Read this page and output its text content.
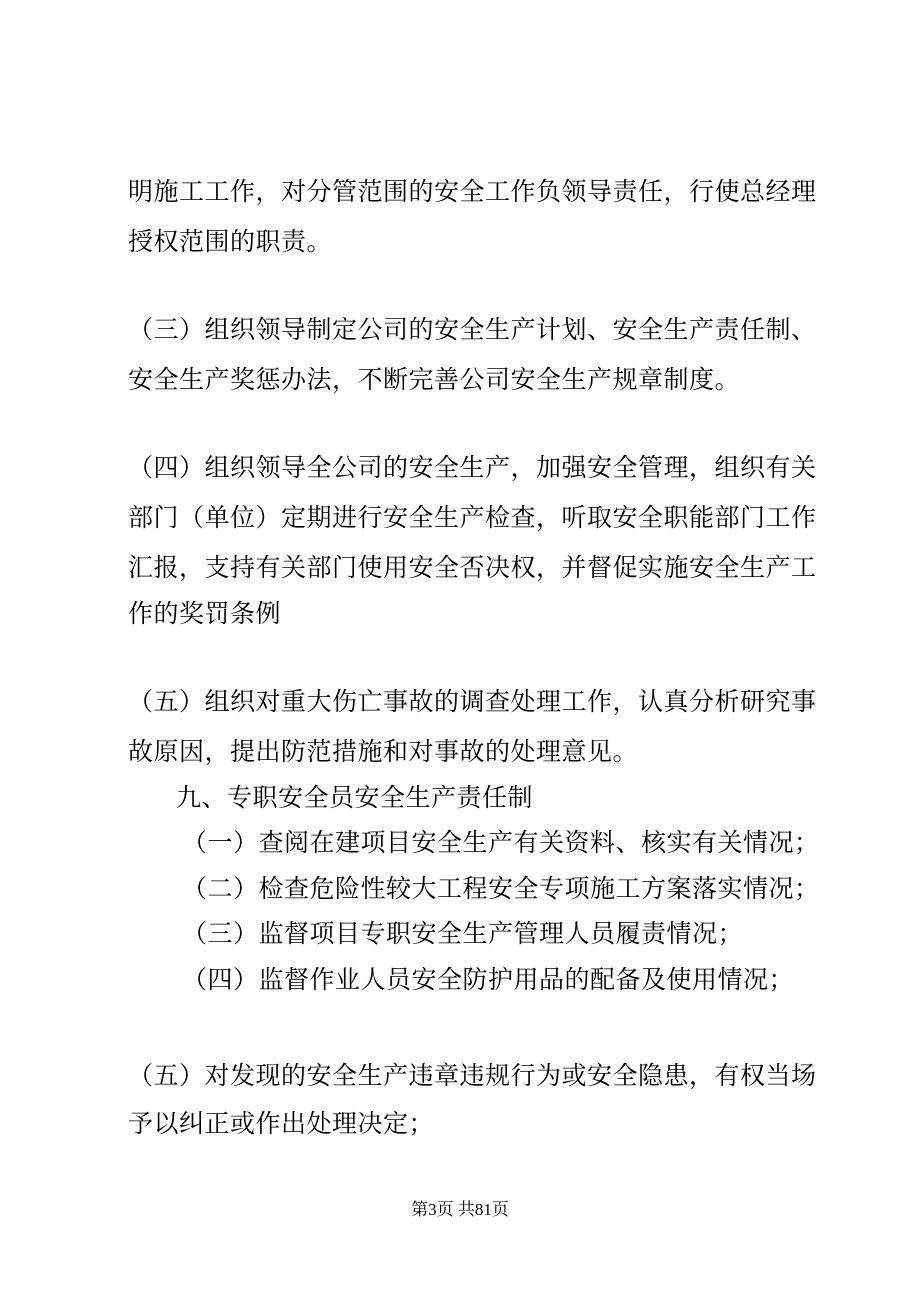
明施工工作，对分管范围的安全工作负领导责任，行使总经理
授权范围的职责。
（三）组织领导制定公司的安全生产计划、安全生产责任制、
安全生产奖惩办法，不断完善公司安全生产规章制度。
（四）组织领导全公司的安全生产，加强安全管理，组织有关
部门（单位）定期进行安全生产检查，听取安全职能部门工作
汇报，支持有关部门使用安全否决权，并督促实施安全生产工
作的奖罚条例
（五）组织对重大伤亡事故的调查处理工作，认真分析研究事
故原因，提出防范措施和对事故的处理意见。
九、专职安全员安全生产责任制
（一）查阅在建项目安全生产有关资料、核实有关情况；
（二）检查危险性较大工程安全专项施工方案落实情况；
（三）监督项目专职安全生产管理人员履责情况；
（四）监督作业人员安全防护用品的配备及使用情况；
（五）对发现的安全生产违章违规行为或安全隐患，有权当场
予以纠正或作出处理决定；
第3页 共81页
